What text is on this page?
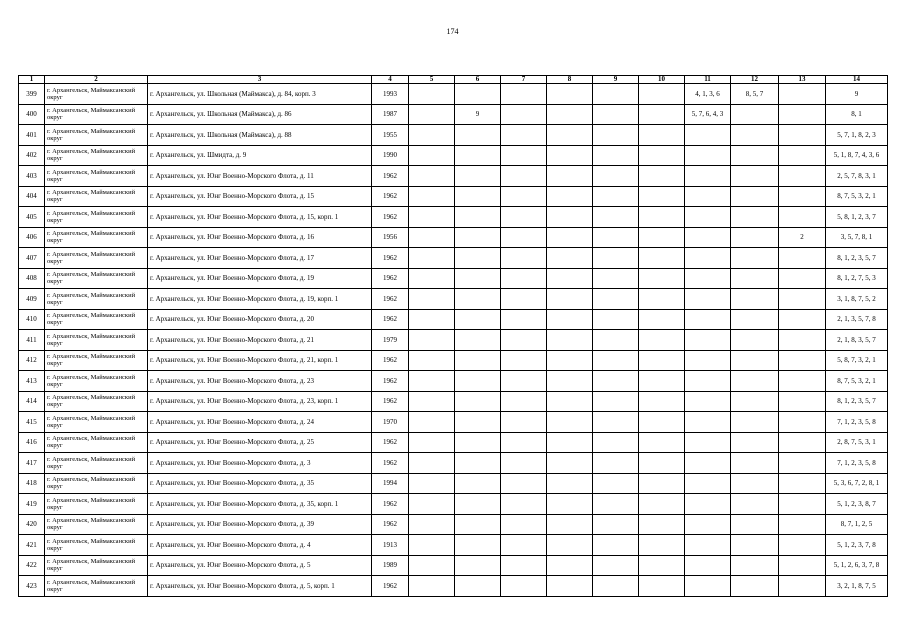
174
1	2	3	4	5	6	7	8	9	10	11	12	13	14
399	г. Архангельск, Маймаксанский округ	г. Архангельск, ул. Школьная (Маймакса), д. 84, корп. 3	1993							4, 1, 3, 6	8, 5, 7		9
400	г. Архангельск, Маймаксанский округ	г. Архангельск, ул. Школьная (Маймакса), д. 86	1987		9					5, 7, 6, 4, 3			8, 1
401	г. Архангельск, Маймаксанский округ	г. Архангельск, ул. Школьная (Маймакса), д. 88	1955										5, 7, 1, 8, 2, 3
402	г. Архангельск, Маймаксанский округ	г. Архангельск, ул. Шмидта, д. 9	1990										5, 1, 8, 7, 4, 3, 6
403	г. Архангельск, Маймаксанский округ	г. Архангельск, ул. Юнг Военно-Морского Флота, д. 11	1962										2, 5, 7, 8, 3, 1
404	г. Архангельск, Маймаксанский округ	г. Архангельск, ул. Юнг Военно-Морского Флота, д. 15	1962										8, 7, 5, 3, 2, 1
405	г. Архангельск, Маймаксанский округ	г. Архангельск, ул. Юнг Военно-Морского Флота, д. 15, корп. 1	1962										5, 8, 1, 2, 3, 7
406	г. Архангельск, Маймаксанский округ	г. Архангельск, ул. Юнг Военно-Морского Флота, д. 16	1956									2	3, 5, 7, 8, 1
407	г. Архангельск, Маймаксанский округ	г. Архангельск, ул. Юнг Военно-Морского Флота, д. 17	1962										8, 1, 2, 3, 5, 7
408	г. Архангельск, Маймаксанский округ	г. Архангельск, ул. Юнг Военно-Морского Флота, д. 19	1962										8, 1, 2, 7, 5, 3
409	г. Архангельск, Маймаксанский округ	г. Архангельск, ул. Юнг Военно-Морского Флота, д. 19, корп. 1	1962										3, 1, 8, 7, 5, 2
410	г. Архангельск, Маймаксанский округ	г. Архангельск, ул. Юнг Военно-Морского Флота, д. 20	1962										2, 1, 3, 5, 7, 8
411	г. Архангельск, Маймаксанский округ	г. Архангельск, ул. Юнг Военно-Морского Флота, д. 21	1979										2, 1, 8, 3, 5, 7
412	г. Архангельск, Маймаксанский округ	г. Архангельск, ул. Юнг Военно-Морского Флота, д. 21, корп. 1	1962										5, 8, 7, 3, 2, 1
413	г. Архангельск, Маймаксанский округ	г. Архангельск, ул. Юнг Военно-Морского Флота, д. 23	1962										8, 7, 5, 3, 2, 1
414	г. Архангельск, Маймаксанский округ	г. Архангельск, ул. Юнг Военно-Морского Флота, д. 23, корп. 1	1962										8, 1, 2, 3, 5, 7
415	г. Архангельск, Маймаксанский округ	г. Архангельск, ул. Юнг Военно-Морского Флота, д. 24	1970										7, 1, 2, 3, 5, 8
416	г. Архангельск, Маймаксанский округ	г. Архангельск, ул. Юнг Военно-Морского Флота, д. 25	1962										2, 8, 7, 5, 3, 1
417	г. Архангельск, Маймаксанский округ	г. Архангельск, ул. Юнг Военно-Морского Флота, д. 3	1962										7, 1, 2, 3, 5, 8
418	г. Архангельск, Маймаксанский округ	г. Архангельск, ул. Юнг Военно-Морского Флота, д. 35	1994										5, 3, 6, 7, 2, 8, 1
419	г. Архангельск, Маймаксанский округ	г. Архангельск, ул. Юнг Военно-Морского Флота, д. 35, корп. 1	1962										5, 1, 2, 3, 8, 7
420	г. Архангельск, Маймаксанский округ	г. Архангельск, ул. Юнг Военно-Морского Флота, д. 39	1962										8, 7, 1, 2, 5
421	г. Архангельск, Маймаксанский округ	г. Архангельск, ул. Юнг Военно-Морского Флота, д. 4	1913										5, 1, 2, 3, 7, 8
422	г. Архангельск, Маймаксанский округ	г. Архангельск, ул. Юнг Военно-Морского Флота, д. 5	1989										5, 1, 2, 6, 3, 7, 8
423	г. Архангельск, Маймаксанский округ	г. Архангельск, ул. Юнг Военно-Морского Флота, д. 5, корп. 1	1962										3, 2, 1, 8, 7, 5
